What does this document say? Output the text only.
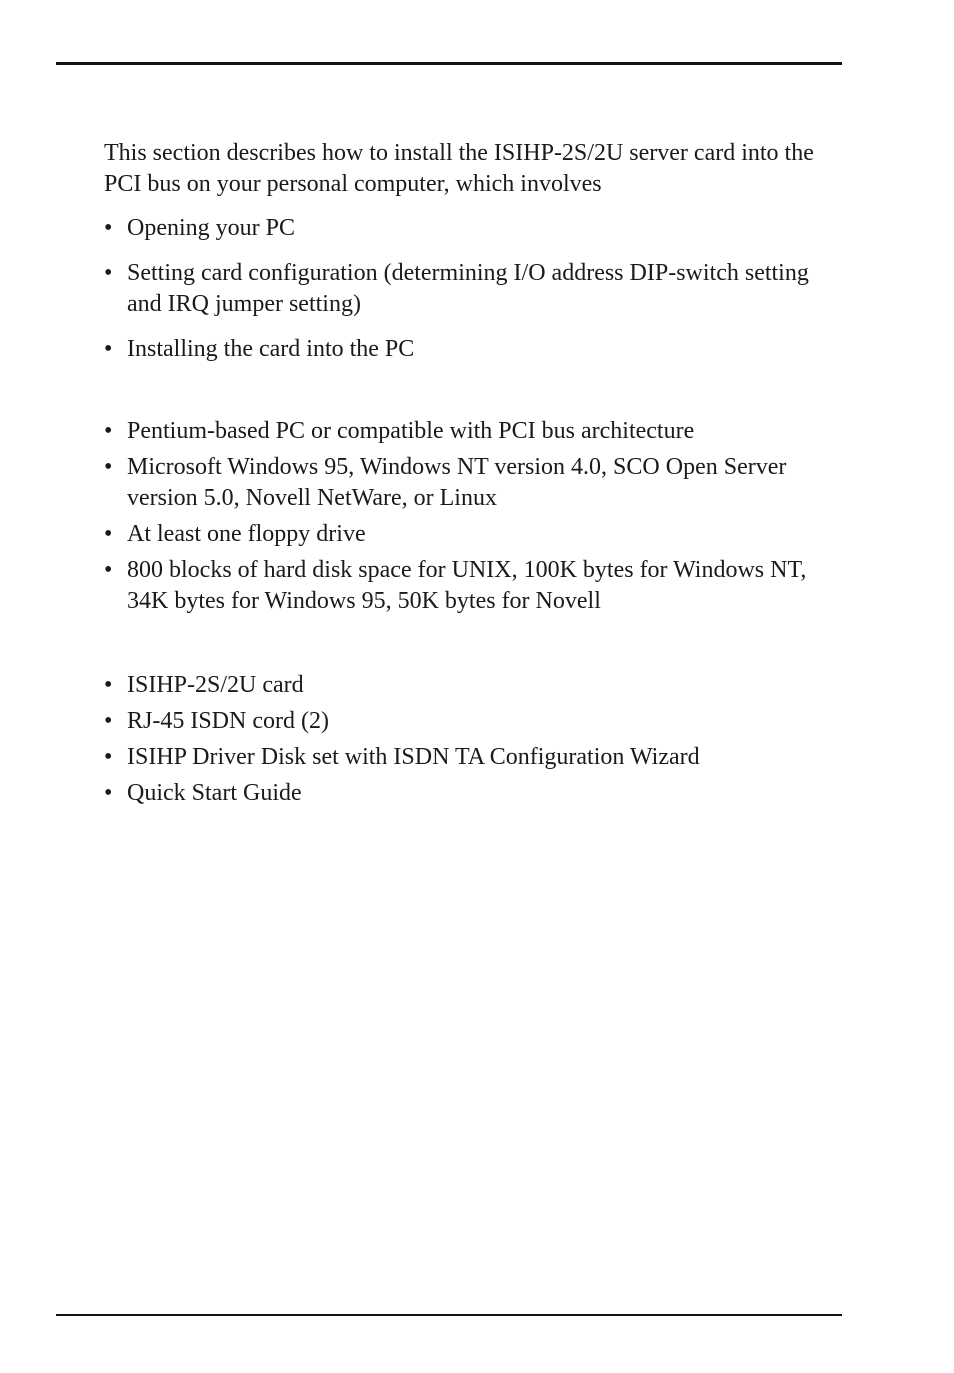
This section describes how to install the ISIHP-2S/2U server card into the PCI bus on your personal computer, which involves

• Opening your PC
• Setting card configuration (determining I/O address DIP-switch setting and IRQ jumper setting)
• Installing the card into the PC
• Pentium-based PC or compatible with PCI bus architecture
• Microsoft Windows 95, Windows NT version 4.0, SCO Open Server version 5.0, Novell NetWare, or Linux
• At least one floppy drive
• 800 blocks of hard disk space for UNIX, 100K bytes for Windows NT, 34K bytes for Windows 95, 50K bytes for Novell
• ISIHP-2S/2U card
• RJ-45 ISDN cord (2)
• ISIHP Driver Disk set with ISDN TA Configuration Wizard
• Quick Start Guide
